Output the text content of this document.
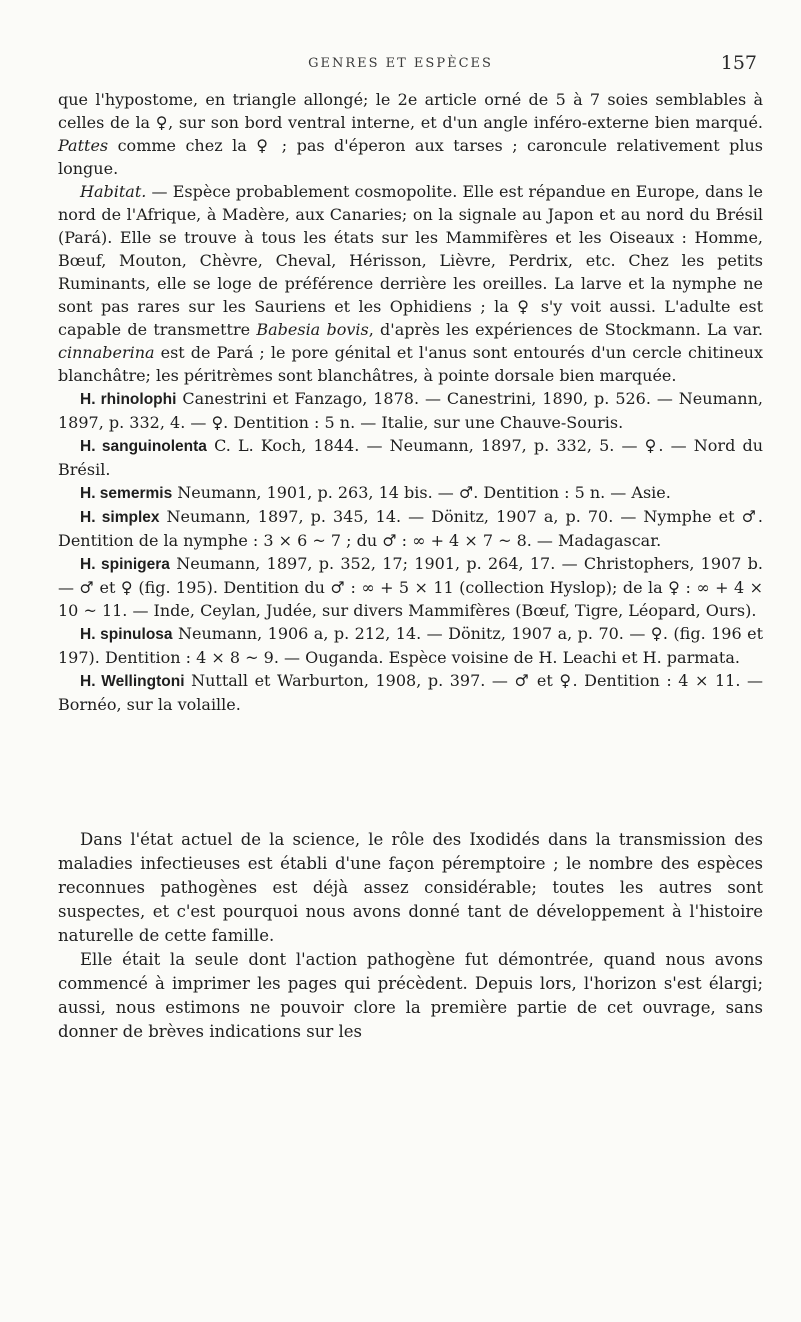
GENRES ET ESPÈCES	157

que l'hypostome, en triangle allongé; le 2e article orné de 5 à 7 soies semblables à celles de la ♀, sur son bord ventral interne, et d'un angle inféro-externe bien marqué. Pattes comme chez la ♀ ; pas d'éperon aux tarses ; caroncule relativement plus longue.

Habitat. — Espèce probablement cosmopolite. Elle est répandue en Europe, dans le nord de l'Afrique, à Madère, aux Canaries; on la signale au Japon et au nord du Brésil (Pará). Elle se trouve à tous les états sur les Mammifères et les Oiseaux : Homme, Bœuf, Mouton, Chèvre, Cheval, Hérisson, Lièvre, Perdrix, etc. Chez les petits Ruminants, elle se loge de préférence derrière les oreilles. La larve et la nymphe ne sont pas rares sur les Sauriens et les Ophidiens ; la ♀ s'y voit aussi. L'adulte est capable de transmettre Babesia bovis, d'après les expériences de Stockmann. La var. cinnaberina est de Pará ; le pore génital et l'anus sont entourés d'un cercle chitineux blanchâtre; les péritrèmes sont blanchâtres, à pointe dorsale bien marquée.

H. rhinolophi Canestrini et Fanzago, 1878. — Canestrini, 1890, p. 526. — Neumann, 1897, p. 332, 4. — ♀. Dentition : 5 n. — Italie, sur une Chauve-Souris.

H. sanguinolenta C. L. Koch, 1844. — Neumann, 1897, p. 332, 5. — ♀. — Nord du Brésil.

H. semermis Neumann, 1901, p. 263, 14 bis. — ♂. Dentition : 5 n. — Asie.

H. simplex Neumann, 1897, p. 345, 14. — Dönitz, 1907 a, p. 70. — Nymphe et ♂. Dentition de la nymphe : 3 × 6 ~ 7 ; du ♂ : ∞ + 4 × 7 ~ 8. — Madagascar.

H. spinigera Neumann, 1897, p. 352, 17; 1901, p. 264, 17. — Christophers, 1907 b. — ♂ et ♀ (fig. 195). Dentition du ♂ : ∞ + 5 × 11 (collection Hyslop); de la ♀ : ∞ + 4 × 10 ~ 11. — Inde, Ceylan, Judée, sur divers Mammifères (Bœuf, Tigre, Léopard, Ours).

H. spinulosa Neumann, 1906 a, p. 212, 14. — Dönitz, 1907 a, p. 70. — ♀. (fig. 196 et 197). Dentition : 4 × 8 ~ 9. — Ouganda. Espèce voisine de H. Leachi et H. parmata.

H. Wellingtoni Nuttall et Warburton, 1908, p. 397. — ♂ et ♀. Dentition : 4 × 11. — Bornéo, sur la volaille.

Dans l'état actuel de la science, le rôle des Ixodidés dans la transmission des maladies infectieuses est établi d'une façon péremptoire ; le nombre des espèces reconnues pathogènes est déjà assez considérable; toutes les autres sont suspectes, et c'est pourquoi nous avons donné tant de développement à l'histoire naturelle de cette famille.

Elle était la seule dont l'action pathogène fut démontrée, quand nous avons commencé à imprimer les pages qui précèdent. Depuis lors, l'horizon s'est élargi; aussi, nous estimons ne pouvoir clore la première partie de cet ouvrage, sans donner de brèves indications sur les
